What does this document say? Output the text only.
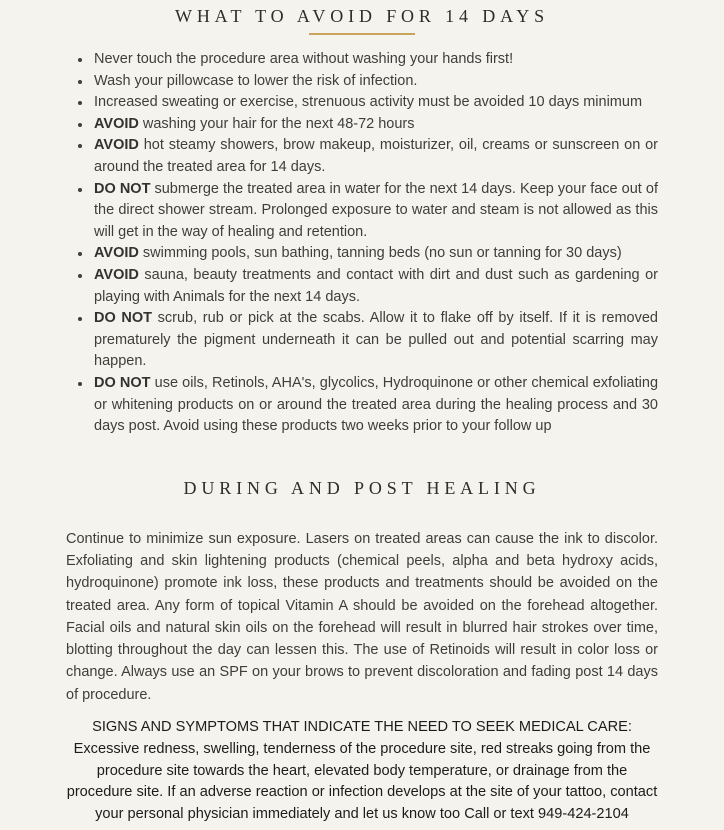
WHAT TO AVOID FOR 14 DAYS
• Never touch the procedure area without washing your hands first!
• Wash your pillowcase to lower the risk of infection.
• Increased sweating or exercise, strenuous activity must be avoided 10 days minimum
• AVOID washing your hair for the next 48-72 hours
• AVOID hot steamy showers, brow makeup, moisturizer, oil, creams or sunscreen on or around the treated area for 14 days.
• DO NOT submerge the treated area in water for the next 14 days. Keep your face out of the direct shower stream. Prolonged exposure to water and steam is not allowed as this will get in the way of healing and retention.
• AVOID swimming pools, sun bathing, tanning beds (no sun or tanning for 30 days)
• AVOID sauna, beauty treatments and contact with dirt and dust such as gardening or playing with Animals for the next 14 days.
• DO NOT scrub, rub or pick at the scabs. Allow it to flake off by itself. If it is removed prematurely the pigment underneath it can be pulled out and potential scarring may happen.
• DO NOT use oils, Retinols, AHA's, glycolics, Hydroquinone or other chemical exfoliating or whitening products on or around the treated area during the healing process and 30 days post. Avoid using these products two weeks prior to your follow up
DURING AND POST HEALING

Continue to minimize sun exposure. Lasers on treated areas can cause the ink to discolor. Exfoliating and skin lightening products (chemical peels, alpha and beta hydroxy acids, hydroquinone) promote ink loss, these products and treatments should be avoided on the treated area. Any form of topical Vitamin A should be avoided on the forehead altogether. Facial oils and natural skin oils on the forehead will result in blurred hair strokes over time, blotting throughout the day can lessen this. The use of Retinoids will result in color loss or change. Always use an SPF on your brows to prevent discoloration and fading post 14 days of procedure.

SIGNS AND SYMPTOMS THAT INDICATE THE NEED TO SEEK MEDICAL CARE:

Excessive redness, swelling, tenderness of the procedure site, red streaks going from the procedure site towards the heart, elevated body temperature, or drainage from the procedure site. If an adverse reaction or infection develops at the site of your tattoo, contact your personal physician immediately and let us know too Call or text 949-424-2104
